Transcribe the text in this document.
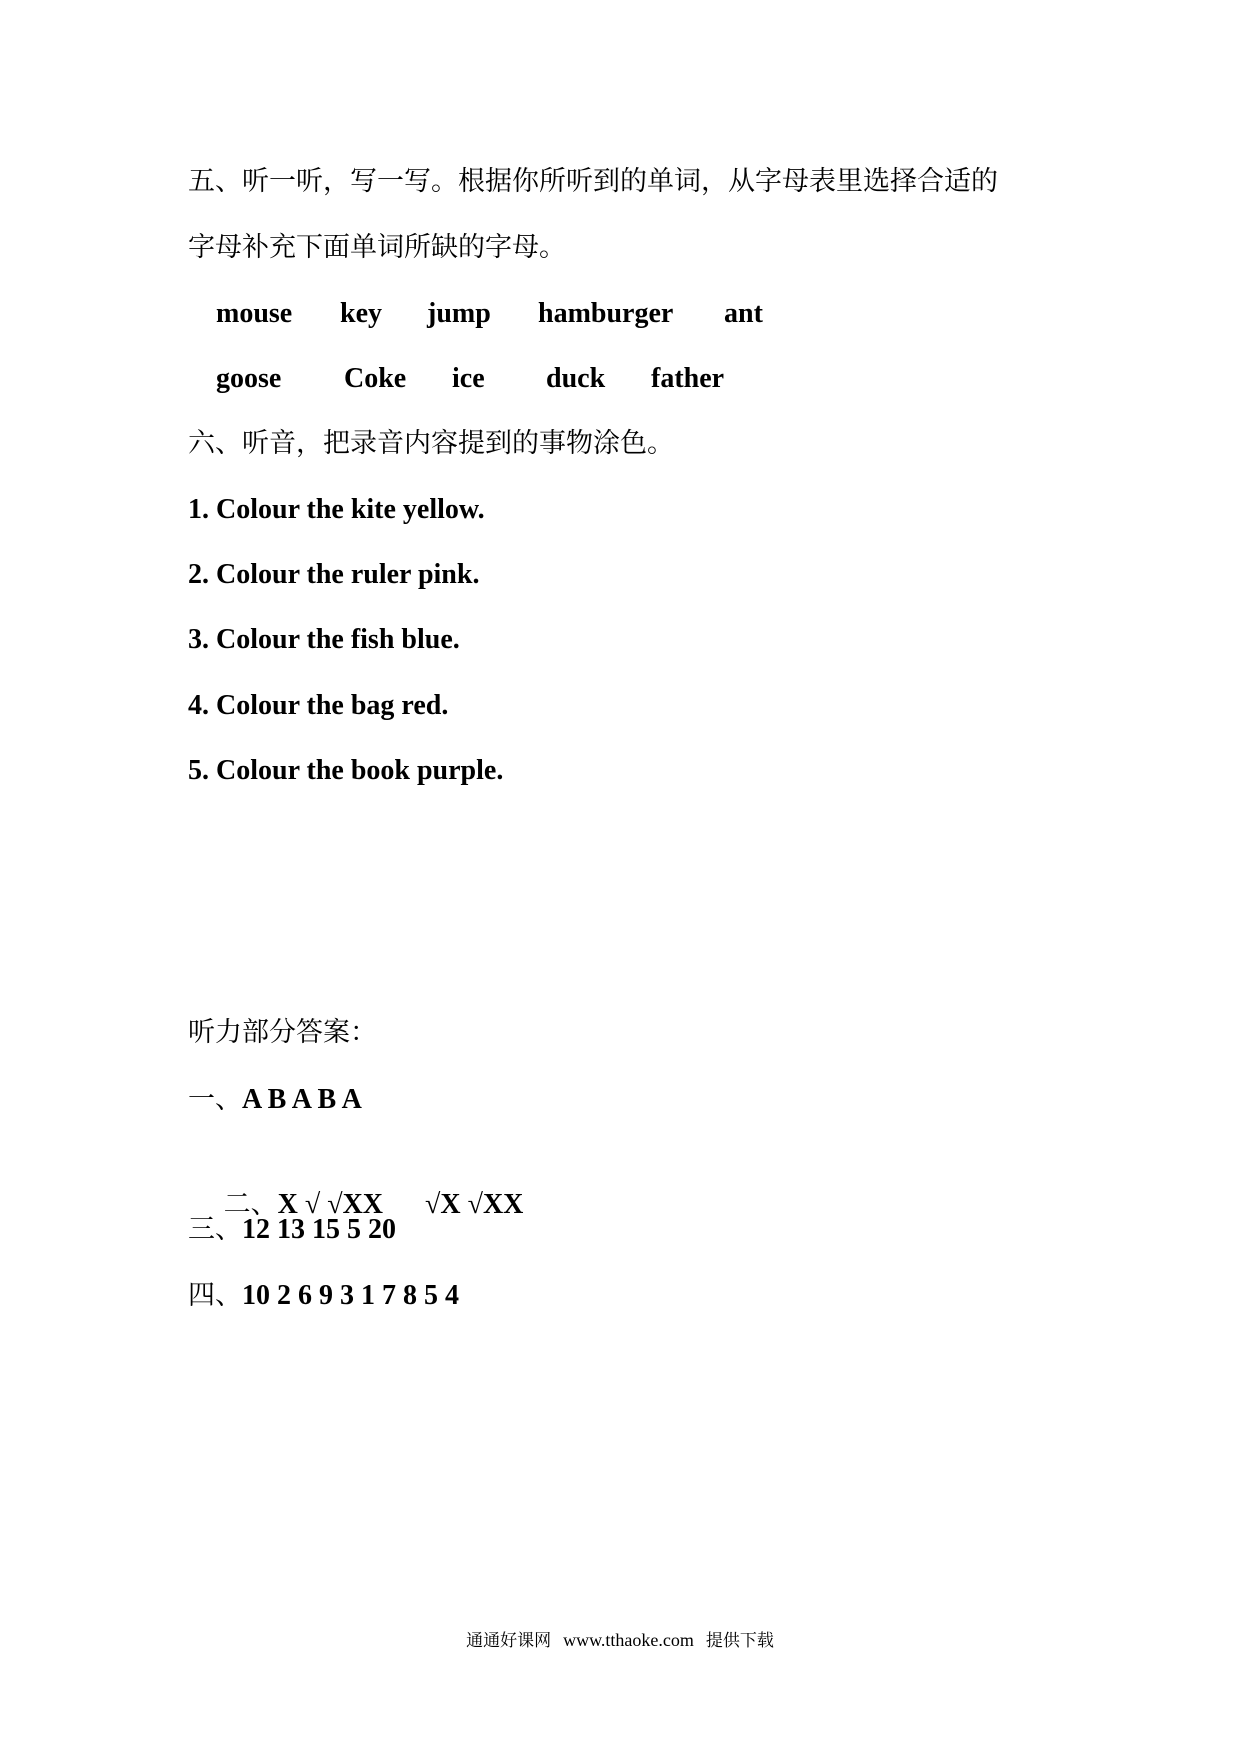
五、听一听，写一写。根据你所听到的单词，从字母表里选择合适的
字母补充下面单词所缺的字母。
mouse key jump hamburger ant
goose Coke ice duck father
六、听音，把录音内容提到的事物涂色。
1. Colour the kite yellow.
2. Colour the ruler pink.
3. Colour the fish blue.
4. Colour the bag red.
5. Colour the book purple.
听力部分答案：
一、A B A B A

二、X √ √XX      √X √XX

三、12 13 15 5 20
四、10 2 6 9 3 1 7 8 5 4
通通好课网 www.tthaoke.com 提供下载
